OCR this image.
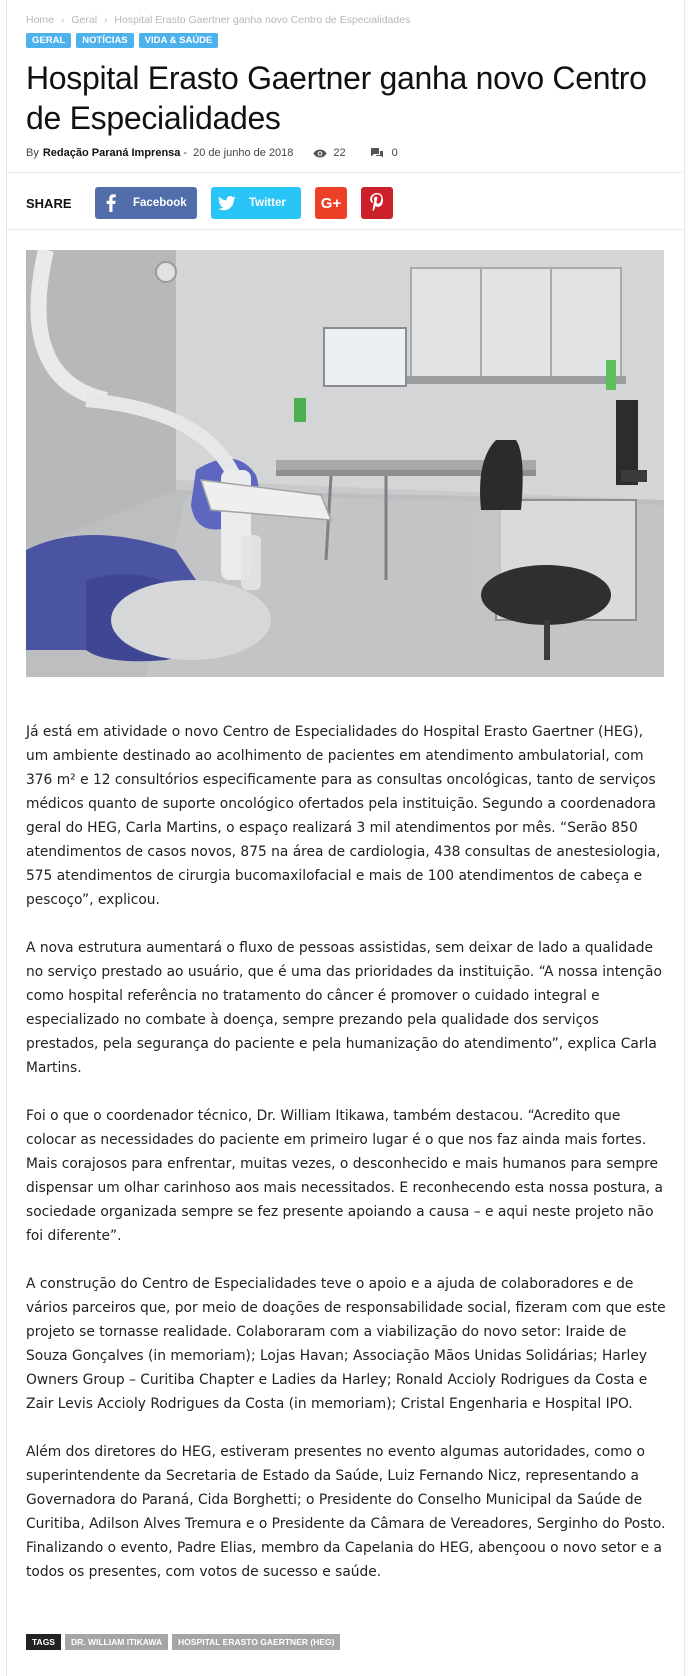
Home › Geral › Hospital Erasto Gaertner ganha novo Centro de Especialidades
GERAL	NOTÍCIAS	VIDA & SAÚDE
Hospital Erasto Gaertner ganha novo Centro de Especialidades
By Redação Paraná Imprensa - 20 de junho de 2018	22	0
SHARE	Facebook	Twitter G+

Já está em atividade o novo Centro de Especialidades do Hospital Erasto Gaertner (HEG), um ambiente destinado ao acolhimento de pacientes em atendimento ambulatorial, com 376 m² e 12 consultórios especificamente para as consultas oncológicas, tanto de serviços médicos quanto de suporte oncológico ofertados pela instituição. Segundo a coordenadora geral do HEG, Carla Martins, o espaço realizará 3 mil atendimentos por mês. “Serão 850 atendimentos de casos novos, 875 na área de cardiologia, 438 consultas de anestesiologia, 575 atendimentos de cirurgia bucomaxilofacial e mais de 100 atendimentos de cabeça e pescoço”, explicou.

A nova estrutura aumentará o fluxo de pessoas assistidas, sem deixar de lado a qualidade no serviço prestado ao usuário, que é uma das prioridades da instituição. “A nossa intenção como hospital referência no tratamento do câncer é promover o cuidado integral e especializado no combate à doença, sempre prezando pela qualidade dos serviços prestados, pela segurança do paciente e pela humanização do atendimento”, explica Carla Martins.

Foi o que o coordenador técnico, Dr. William Itikawa, também destacou. “Acredito que colocar as necessidades do paciente em primeiro lugar é o que nos faz ainda mais fortes. Mais corajosos para enfrentar, muitas vezes, o desconhecido e mais humanos para sempre dispensar um olhar carinhoso aos mais necessitados. E reconhecendo esta nossa postura, a sociedade organizada sempre se fez presente apoiando a causa – e aqui neste projeto não foi diferente”.

A construção do Centro de Especialidades teve o apoio e a ajuda de colaboradores e de vários parceiros que, por meio de doações de responsabilidade social, fizeram com que este projeto se tornasse realidade. Colaboraram com a viabilização do novo setor: Iraide de Souza Gonçalves (in memoriam); Lojas Havan; Associação Mãos Unidas Solidárias; Harley Owners Group – Curitiba Chapter e Ladies da Harley; Ronald Accioly Rodrigues da Costa e Zair Levis Accioly Rodrigues da Costa (in memoriam); Cristal Engenharia e Hospital IPO.

Além dos diretores do HEG, estiveram presentes no evento algumas autoridades, como o superintendente da Secretaria de Estado da Saúde, Luiz Fernando Nicz, representando a Governadora do Paraná, Cida Borghetti; o Presidente do Conselho Municipal da Saúde de Curitiba, Adilson Alves Tremura e o Presidente da Câmara de Vereadores, Serginho do Posto. Finalizando o evento, Padre Elias, membro da Capelania do HEG, abençoou o novo setor e a todos os presentes, com votos de sucesso e saúde.

TAGS	DR. WILLIAM ITIKAWA	HOSPITAL ERASTO GAERTNER (HEG)
